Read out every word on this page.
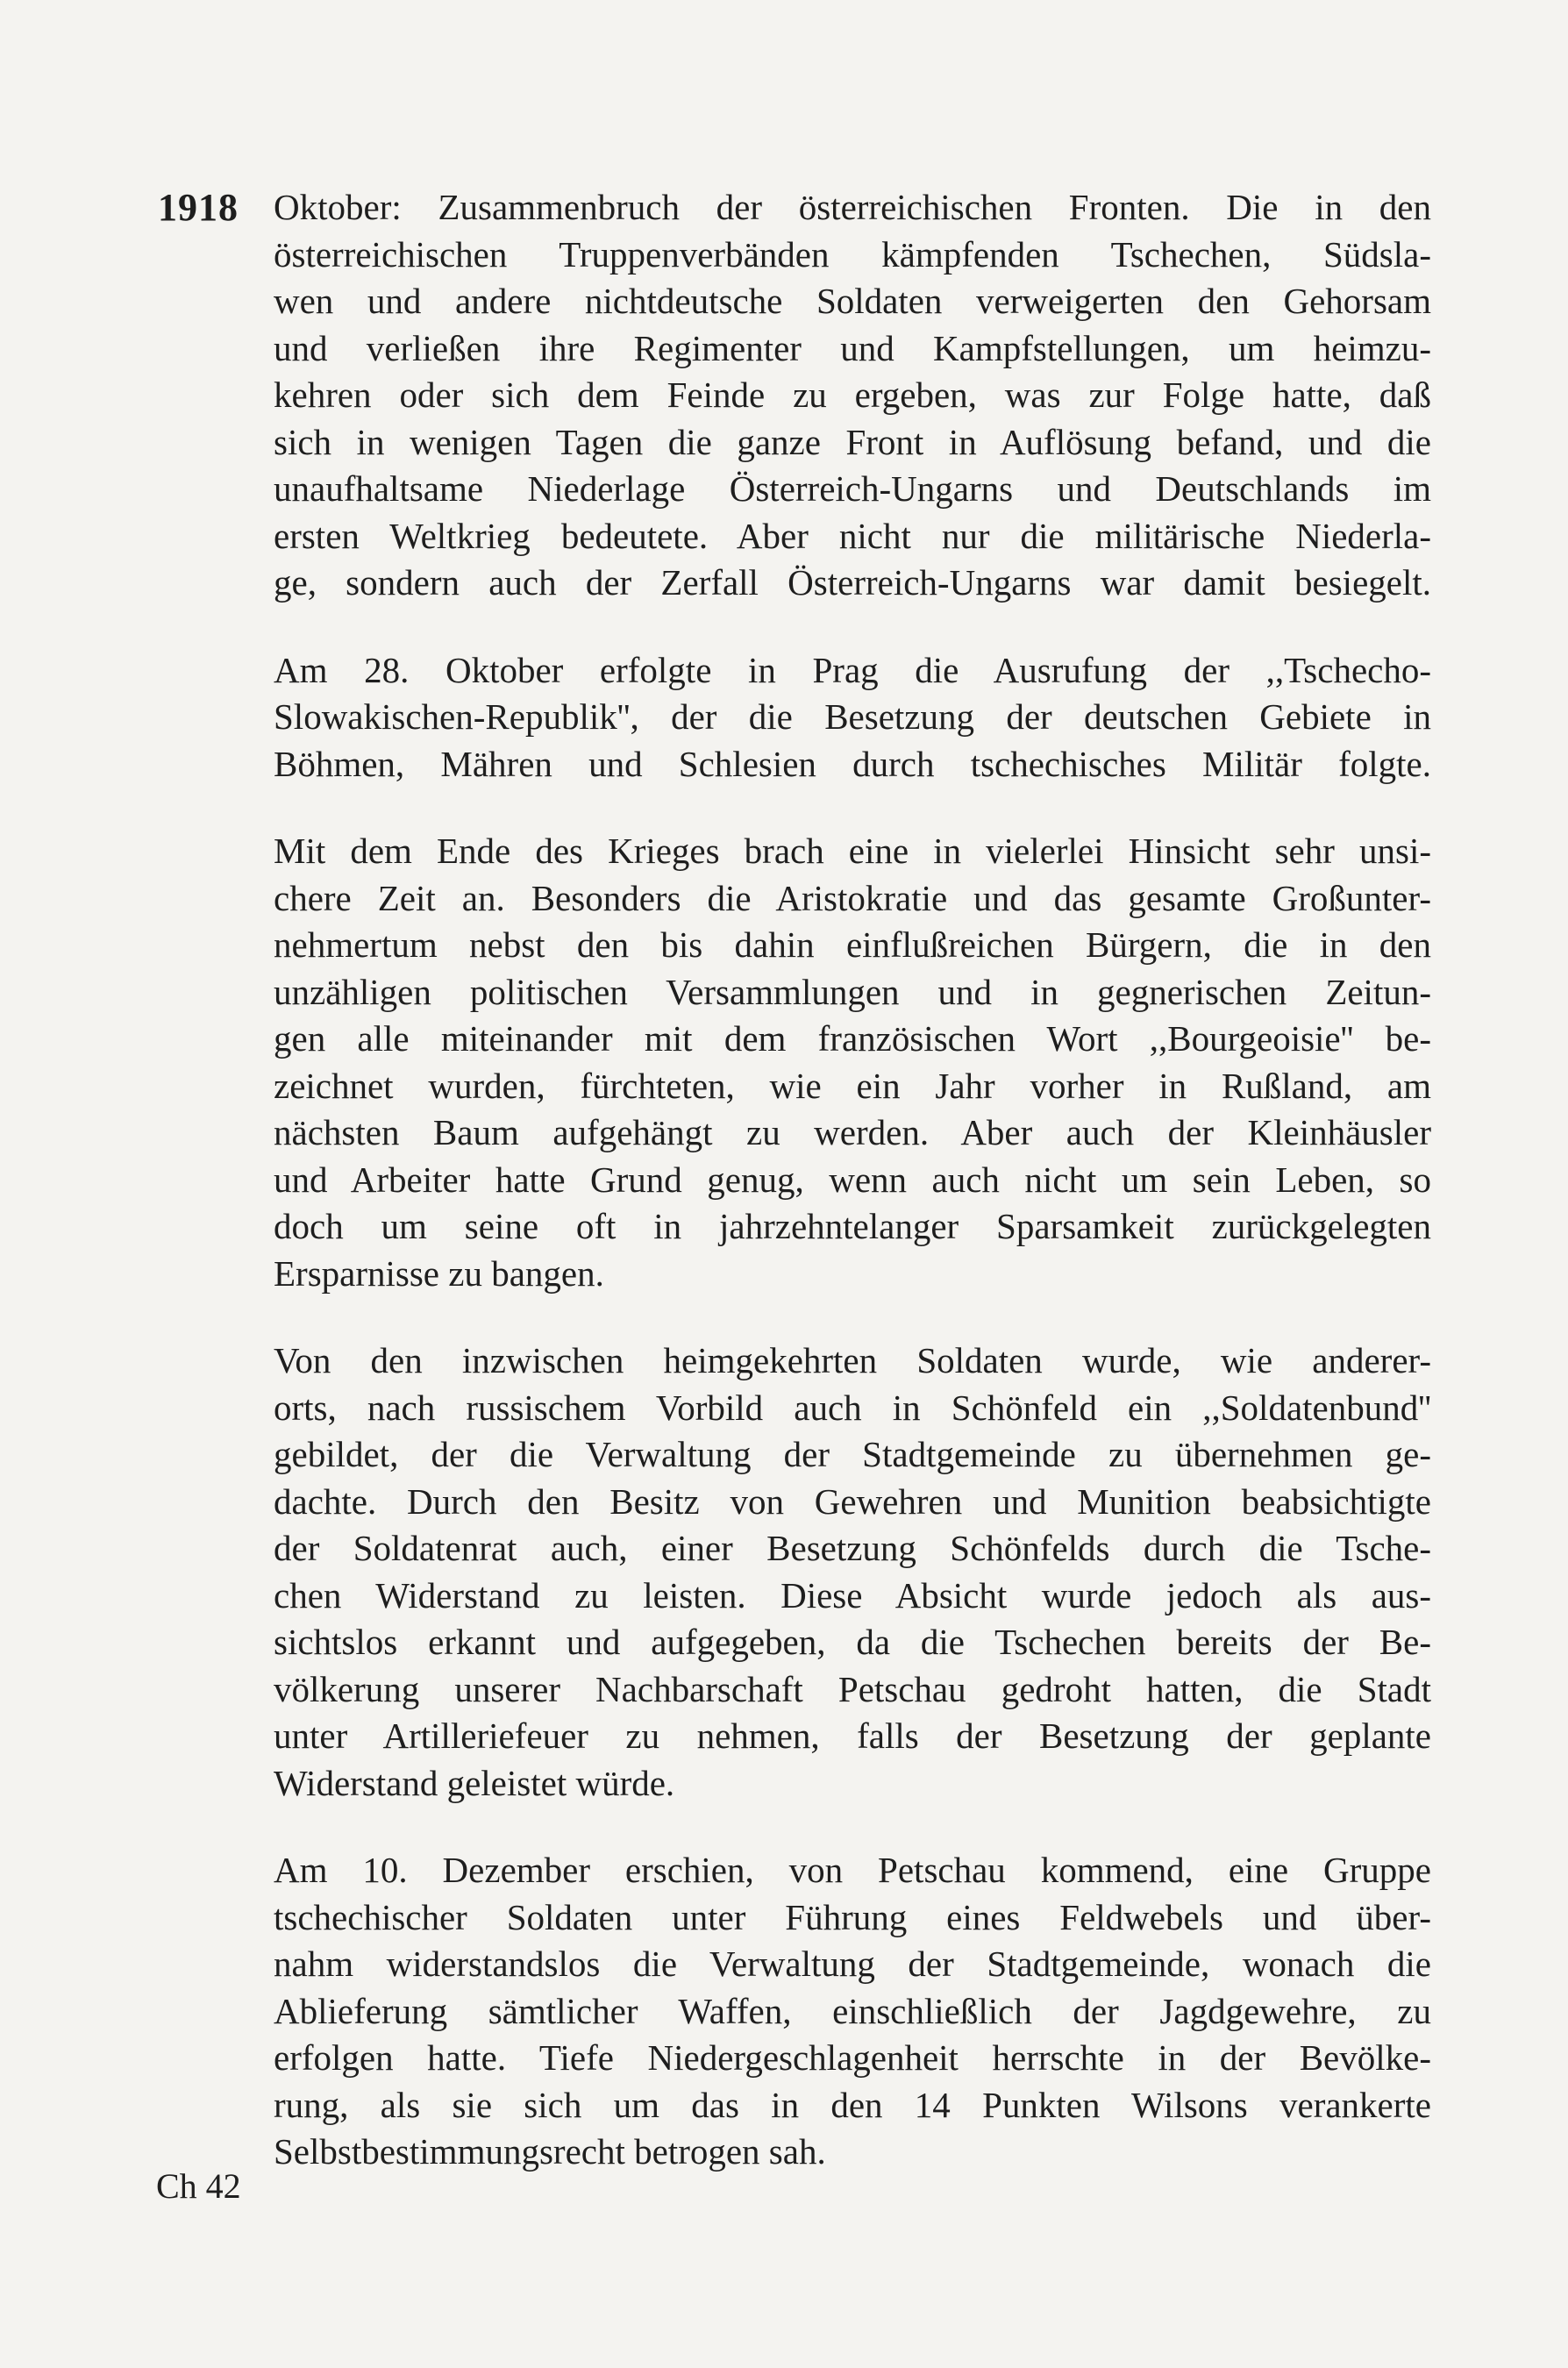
1918 Oktober: Zusammenbruch der österreichischen Fronten. Die in den
österreichischen Truppenverbänden kämpfenden Tschechen, Südsla-
wen und andere nichtdeutsche Soldaten verweigerten den Gehorsam
und verließen ihre Regimenter und Kampfstellungen, um heimzu-
kehren oder sich dem Feinde zu ergeben, was zur Folge hatte, daß
sich in wenigen Tagen die ganze Front in Auflösung befand, und die
unaufhaltsame Niederlage Österreich-Ungarns und Deutschlands im
ersten Weltkrieg bedeutete. Aber nicht nur die militärische Niederla-
ge, sondern auch der Zerfall Österreich-Ungarns war damit besiegelt.
Am 28. Oktober erfolgte in Prag die Ausrufung der ,,Tschecho-
Slowakischen-Republik'', der die Besetzung der deutschen Gebiete in
Böhmen, Mähren und Schlesien durch tschechisches Militär folgte.
Mit dem Ende des Krieges brach eine in vielerlei Hinsicht sehr unsi-
chere Zeit an. Besonders die Aristokratie und das gesamte Großunter-
nehmertum nebst den bis dahin einflußreichen Bürgern, die in den
unzähligen politischen Versammlungen und in gegnerischen Zeitun-
gen alle miteinander mit dem französischen Wort ,,Bourgeoisie'' be-
zeichnet wurden, fürchteten, wie ein Jahr vorher in Rußland, am
nächsten Baum aufgehängt zu werden. Aber auch der Kleinhäusler
und Arbeiter hatte Grund genug, wenn auch nicht um sein Leben, so
doch um seine oft in jahrzehntelanger Sparsamkeit zurückgelegten
Ersparnisse zu bangen.
Von den inzwischen heimgekehrten Soldaten wurde, wie anderer-
orts, nach russischem Vorbild auch in Schönfeld ein ,,Soldatenbund''
gebildet, der die Verwaltung der Stadtgemeinde zu übernehmen ge-
dachte. Durch den Besitz von Gewehren und Munition beabsichtigte
der Soldatenrat auch, einer Besetzung Schönfelds durch die Tsche-
chen Widerstand zu leisten. Diese Absicht wurde jedoch als aus-
sichtslos erkannt und aufgegeben, da die Tschechen bereits der Be-
völkerung unserer Nachbarschaft Petschau gedroht hatten, die Stadt
unter Artilleriefeuer zu nehmen, falls der Besetzung der geplante
Widerstand geleistet würde.
Am 10. Dezember erschien, von Petschau kommend, eine Gruppe
tschechischer Soldaten unter Führung eines Feldwebels und über-
nahm widerstandslos die Verwaltung der Stadtgemeinde, wonach die
Ablieferung sämtlicher Waffen, einschließlich der Jagdgewehre, zu
erfolgen hatte. Tiefe Niedergeschlagenheit herrschte in der Bevölke-
rung, als sie sich um das in den 14 Punkten Wilsons verankerte
Selbstbestimmungsrecht betrogen sah.
Ch 42
